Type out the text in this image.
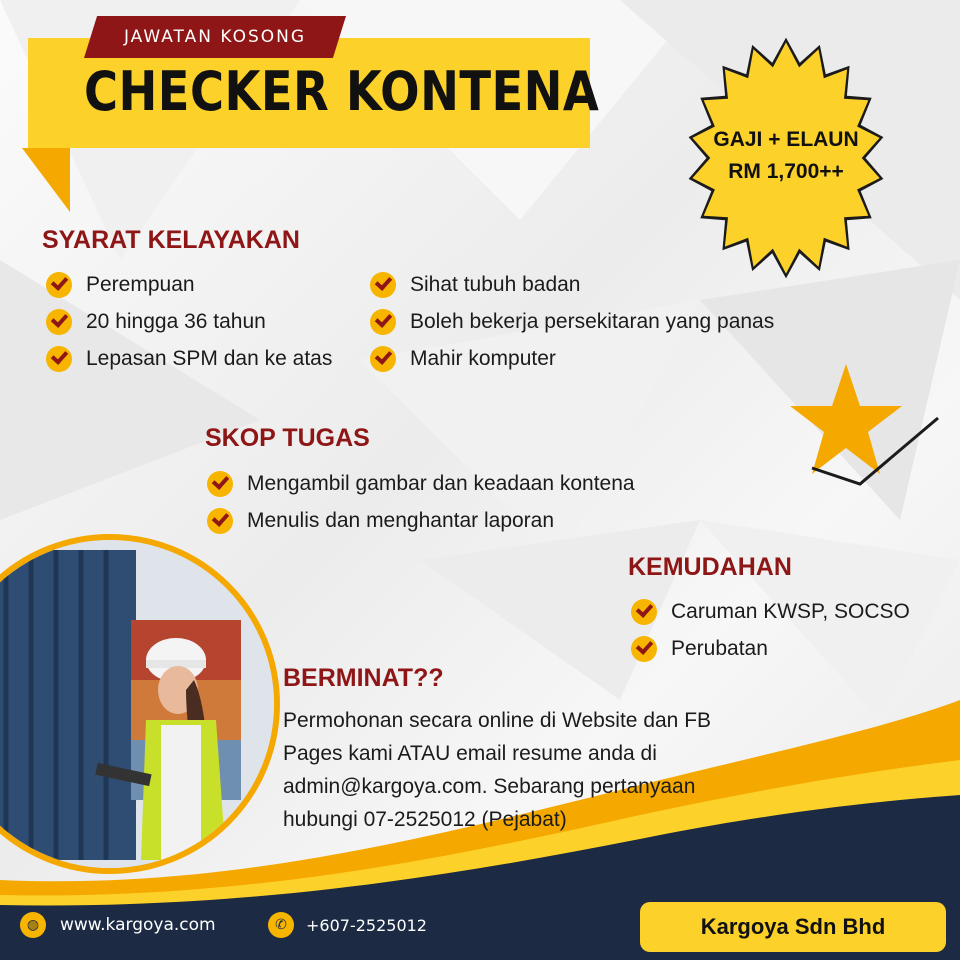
JAWATAN KOSONG
CHECKER KONTENA
GAJI + ELAUN
RM 1,700++
SYARAT KELAYAKAN
Perempuan
20 hingga 36 tahun
Lepasan SPM dan ke atas
Sihat tubuh badan
Boleh bekerja persekitaran yang panas
Mahir komputer
SKOP TUGAS
Mengambil gambar dan keadaan kontena
Menulis dan menghantar laporan
KEMUDAHAN
Caruman KWSP, SOCSO
Perubatan
BERMINAT??
Permohonan secara online di Website dan FB
Pages kami ATAU email resume anda di
admin@kargoya.com. Sebarang pertanyaan
hubungi 07-2525012 (Pejabat)
◍	www.kargoya.com	✆	+607-2525012	Kargoya Sdn Bhd
